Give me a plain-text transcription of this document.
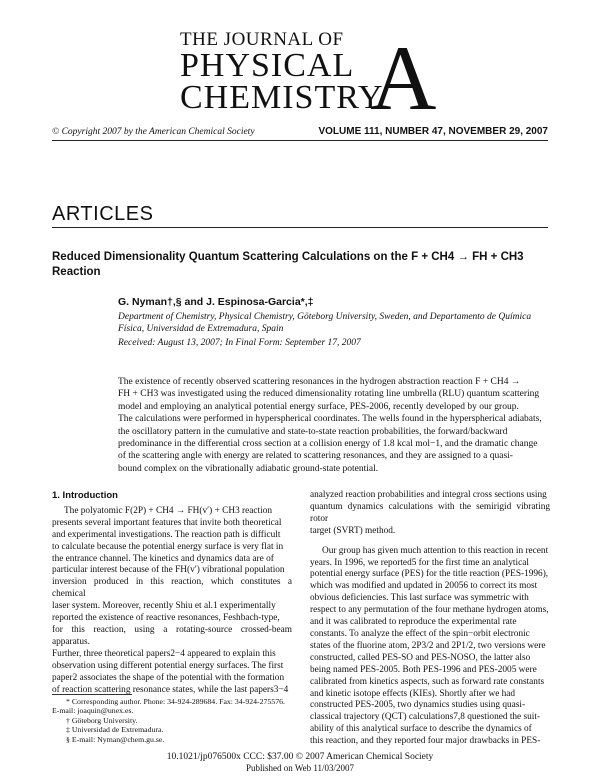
THE JOURNAL OF
PHYSICAL
CHEMISTRY
A
© Copyright 2007 by the American Chemical Society	VOLUME 111, NUMBER 47, NOVEMBER 29, 2007
ARTICLES
Reduced Dimensionality Quantum Scattering Calculations on the F + CH4 → FH + CH3
Reaction
G. Nyman†,§ and J. Espinosa-Garcia*,‡
Department of Chemistry, Physical Chemistry, Göteborg University, Sweden, and Departamento de Química
Física, Universidad de Extremadura, Spain
Received: August 13, 2007; In Final Form: September 17, 2007
The existence of recently observed scattering resonances in the hydrogen abstraction reaction F + CH4 →
FH + CH3 was investigated using the reduced dimensionality rotating line umbrella (RLU) quantum scattering
model and employing an analytical potential energy surface, PES-2006, recently developed by our group.
The calculations were performed in hyperspherical coordinates. The wells found in the hyperspherical adiabats,
the oscillatory pattern in the cumulative and state-to-state reaction probabilities, the forward/backward
predominance in the differential cross section at a collision energy of 1.8 kcal mol−1, and the dramatic change
of the scattering angle with energy are related to scattering resonances, and they are assigned to a quasi-
bound complex on the vibrationally adiabatic ground-state potential.
1. Introduction
The polyatomic F(2P) + CH4 → FH(v′) + CH3 reaction
presents several important features that invite both theoretical
and experimental investigations. The reaction path is difficult
to calculate because the potential energy surface is very flat in
the entrance channel. The kinetics and dynamics data are of
particular interest because of the FH(v′) vibrational population
inversion produced in this reaction, which constitutes a chemical
laser system. Moreover, recently Shiu et al.1 experimentally
reported the existence of reactive resonances, Feshbach-type,
for this reaction, using a rotating-source crossed-beam apparatus.
Further, three theoretical papers2−4 appeared to explain this
observation using different potential energy surfaces. The first
paper2 associates the shape of the potential with the formation
of reaction scattering resonance states, while the last papers3−4
* Corresponding author. Phone: 34-924-289684. Fax: 34-924-275576.
E-mail: joaquin@unex.es.
† Göteborg University.
‡ Universidad de Extremadura.
§ E-mail: Nyman@chem.gu.se.
analyzed reaction probabilities and integral cross sections using
quantum dynamics calculations with the semirigid vibrating rotor
target (SVRT) method.
Our group has given much attention to this reaction in recent
years. In 1996, we reported5 for the first time an analytical
potential energy surface (PES) for the title reaction (PES-1996),
which was modified and updated in 20056 to correct its most
obvious deficiencies. This last surface was symmetric with
respect to any permutation of the four methane hydrogen atoms,
and it was calibrated to reproduce the experimental rate
constants. To analyze the effect of the spin−orbit electronic
states of the fluorine atom, 2P3/2 and 2P1/2, two versions were
constructed, called PES-SO and PES-NOSO, the latter also
being named PES-2005. Both PES-1996 and PES-2005 were
calibrated from kinetics aspects, such as forward rate constants
and kinetic isotope effects (KIEs). Shortly after we had
constructed PES-2005, two dynamics studies using quasi-
classical trajectory (QCT) calculations7,8 questioned the suit-
ability of this analytical surface to describe the dynamics of
this reaction, and they reported four major drawbacks in PES-
10.1021/jp076500x CCC: $37.00 © 2007 American Chemical Society
Published on Web 11/03/2007
